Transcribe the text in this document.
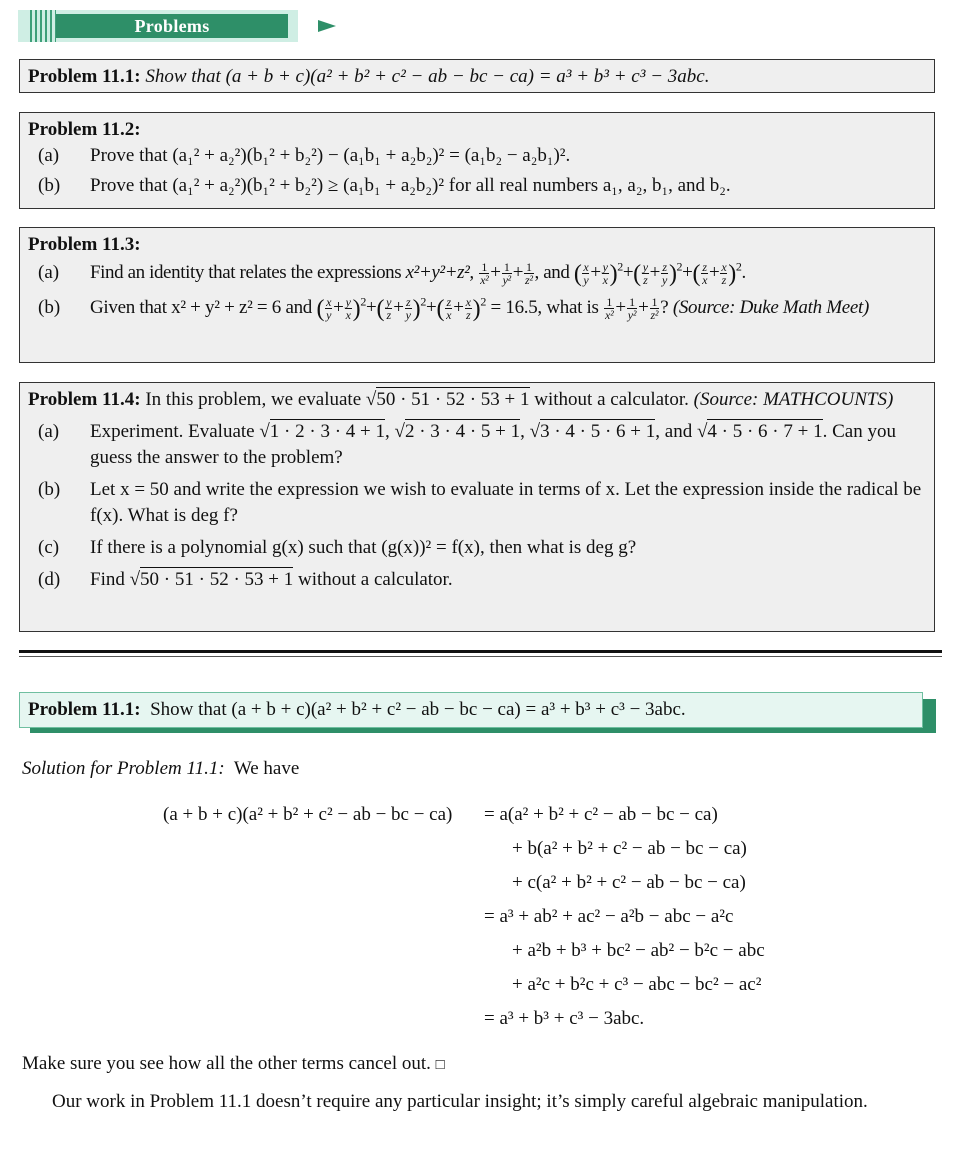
Problems
Problem 11.1: Show that (a + b + c)(a² + b² + c² − ab − bc − ca) = a³ + b³ + c³ − 3abc.
Problem 11.2:
(a)	Prove that (a₁² + a₂²)(b₁² + b₂²) − (a₁b₁ + a₂b₂)² = (a₁b₂ − a₂b₁)².
(b)	Prove that (a₁² + a₂²)(b₁² + b₂²) ≥ (a₁b₁ + a₂b₂)² for all real numbers a₁, a₂, b₁, and b₂.
Problem 11.3:
(a)	Find an identity that relates the expressions x²+y²+z², $\frac{1}{\text{x²}} + \frac{1}{\text{y²}} + \frac{1}{\text{z²}}$ , and ( $\frac{x}{y} + \frac{y}{x} )^2+( \frac{y}{z} + \frac{z}{y} )^2+( \frac{z}{x} + \frac{x}{z} )^2$.
(b)	Given that x² + y² + z² = 6 and ( $\frac{x}{y} + \frac{y}{x} )^2+( \frac{y}{z} + \frac{z}{y} )^2+( \frac{z}{x} + \frac{x}{z} )^2 = 16.5$, what is $\frac{1}{\text{x²}} + \frac{1}{\text{y²}} + \frac{1}{\text{z²}}$ ? (Source: Duke Math Meet)
Problem 11.4: In this problem, we evaluate √50 · 51 · 52 · 53 + 1 without a calculator. (Source: MATHCOUNTS)
(a)	Experiment. Evaluate √1 · 2 · 3 · 4 + 1, √2 · 3 · 4 · 5 + 1, √3 · 4 · 5 · 6 + 1, and √4 · 5 · 6 · 7 + 1. Can you guess the answer to the problem?
(b)	Let x = 50 and write the expression we wish to evaluate in terms of x. Let the expression inside the radical be f(x). What is deg f?
(c)	If there is a polynomial g(x) such that (g(x))² = f(x), then what is deg g?
(d)	Find √50 · 51 · 52 · 53 + 1 without a calculator.
Problem 11.1: Show that (a + b + c)(a² + b² + c² − ab − bc − ca) = a³ + b³ + c³ − 3abc.
Solution for Problem 11.1: We have
(a + b + c)(a² + b² + c² − ab − bc − ca) = a(a² + b² + c² − ab − bc − ca)
+ b(a² + b² + c² − ab − bc − ca)
+ c(a² + b² + c² − ab − bc − ca)
= a³ + ab² + ac² − a²b − abc − a²c
+ a²b + b³ + bc² − ab² − b²c − abc
+ a²c + b²c + c³ − abc − bc² − ac²
= a³ + b³ + c³ − 3abc.
Make sure you see how all the other terms cancel out. □
Our work in Problem 11.1 doesn’t require any particular insight; it’s simply careful algebraic manipulation.
